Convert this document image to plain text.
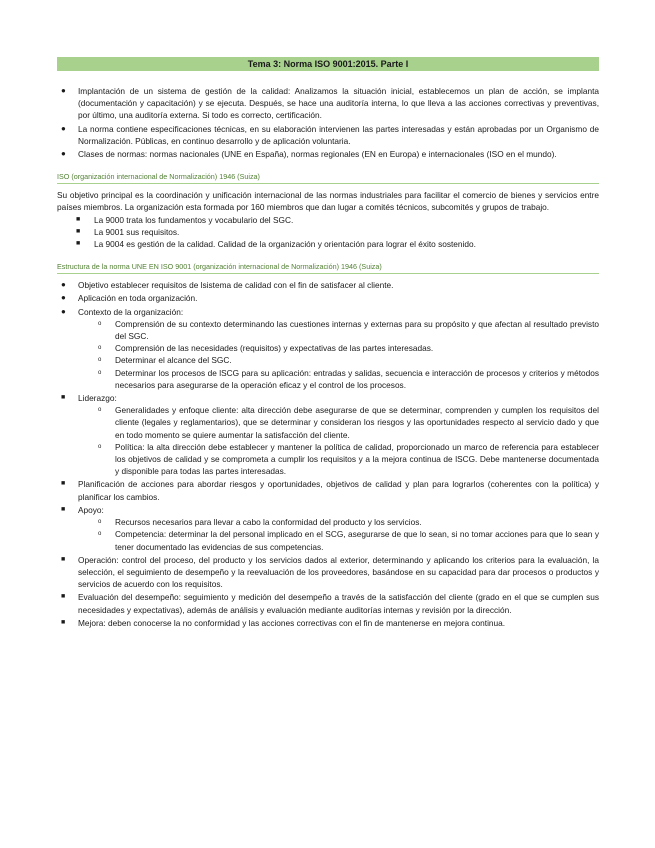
Tema 3: Norma ISO 9001:2015. Parte I
● Implantación de un sistema de gestión de la calidad: Analizamos la situación inicial, establecemos un plan de acción, se implanta (documentación y capacitación) y se ejecuta. Después, se hace una auditoría interna, lo que lleva a las acciones correctivas y preventivas, por último, una auditoría externa. Si todo es correcto, certificación.
● La norma contiene especificaciones técnicas, en su elaboración intervienen las partes interesadas y están aprobadas por un Organismo de Normalización. Públicas, en continuo desarrollo y de aplicación voluntaria.
● Clases de normas: normas nacionales (UNE en España), normas regionales (EN en Europa) e internacionales (ISO en el mundo).
ISO (organización internacional de Normalización) 1946 (Suiza)

Su objetivo principal es la coordinación y unificación internacional de las normas industriales para facilitar el comercio de bienes y servicios entre países miembros. La organización esta formada por 160 miembros que dan lugar a comités técnicos, subcomités y grupos de trabajo.

■ La 9000 trata los fundamentos y vocabulario del SGC.
■ La 9001 sus requisitos.
■ La 9004 es gestión de la calidad. Calidad de la organización y orientación para lograr el éxito sostenido.
Estructura de la norma UNE EN ISO 9001 (organización internacional de Normalización) 1946 (Suiza)
● Objetivo establecer requisitos de lsistema de calidad con el fin de satisfacer al cliente.
● Aplicación en toda organización.
● Contexto de la organización:
o Comprensión de su contexto determinando las cuestiones internas y externas para su propósito y que afectan al resultado previsto del SGC.
o Comprensión de las necesidades (requisitos) y expectativas de las partes interesadas.
o Determinar el alcance del SGC.
o Determinar los procesos de lSCG para su aplicación: entradas y salidas, secuencia e interacción de procesos y criterios y métodos necesarios para asegurarse de la operación eficaz y el control de los procesos.
■ Liderazgo:
o Generalidades y enfoque cliente: alta dirección debe asegurarse de que se determinar, comprenden y cumplen los requisitos del cliente (legales y reglamentarios), que se determinar y consideran los riesgos y las oportunidades respecto al servicio dado y que en todo momento se quiere aumentar la satisfacción del cliente.
o Política: la alta dirección debe establecer y mantener la política de calidad, proporcionado un marco de referencia para establecer los objetivos de calidad y se comprometa a cumplir los requisitos y a la mejora continua de lSCG. Debe mantenerse documentada y disponible para todas las partes interesadas.
■ Planificación de acciones para abordar riesgos y oportunidades, objetivos de calidad y plan para lograrlos (coherentes con la política) y planificar los cambios.
■ Apoyo:
o Recursos necesarios para llevar a cabo la conformidad del producto y los servicios.
o Competencia: determinar la del personal implicado en el SCG, asegurarse de que lo sean, si no tomar acciones para que lo sean y tener documentado las evidencias de sus competencias.
■ Operación: control del proceso, del producto y los servicios dados al exterior, determinando y aplicando los criterios para la evaluación, la selección, el seguimiento de desempeño y la reevaluación de los proveedores, basándose en su capacidad para dar procesos o productos y servicios de acuerdo con los requisitos.
■ Evaluación del desempeño: seguimiento y medición del desempeño a través de la satisfacción del cliente (grado en el que se cumplen sus necesidades y expectativas), además de análisis y evaluación mediante auditorías internas y revisión por la dirección.
■ Mejora: deben conocerse la no conformidad y las acciones correctivas con el fin de mantenerse en mejora continua.
